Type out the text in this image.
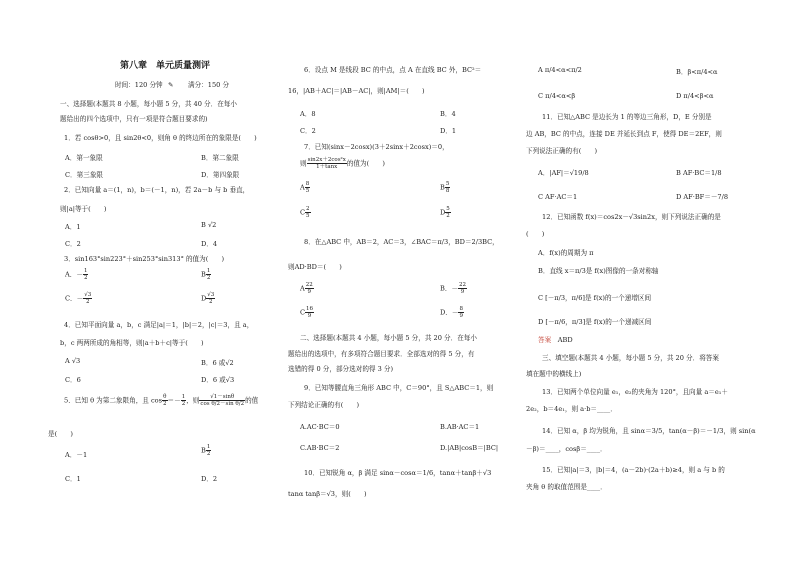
第八章　单元质量测评
时间：120 分钟 ✎ 满分：150 分
一、选择题(本题共 8 小题，每小题 5 分，共 40 分．在每小
题给出的四个选项中，只有一项是符合题目要求的)
1．若 cosθ>0，且 sin2θ<0，则角 θ 的终边所在的象限是(　　)
A．第一象限	B．第二象限
C．第三象限	D．第四象限
2．已知向量 a＝(1，n)，b＝(－1，n)，若 2a－b 与 b 垂直，
则|a|等于(　　)
A．1	B √2
C．2	D．4
3．sin163°sin223°＋sin253°sin313° 的值为(　　)
A．－ $\frac{1}{2}$	B $\frac{1}{2}$
C．－ $\frac{√3}{2}$	D $\frac{√3}{2}$
4．已知平面向量 a，b，c 满足|a|＝1，|b|＝2，|c|＝3，且 a，
b，c 两两所成的角相等，则|a＋b＋c|等于(　　)
A √3	B．6 或√2
C．6	D．6 或√3
5．已知 θ 为第二象限角，且 $\cos \frac{\theta}{2} =- \frac{1}{2}$ ，则 $\frac{√1-\sin\theta}{\text{cos θ/2－sin θ/2}}$ 的值
是(　　)
A．－1
B $\frac{1}{2}$
C．1	D．2
6．设点 M 是线段 BC 的中点，点 A 在直线 BC 外，BC²＝
16，|AB＋AC|＝|AB－AC|，则|AM|＝(　　)
A．8	B．4
C．2	D．1
7．已知(sinx－2cosx)(3＋2sinx＋2cosx)＝0，
则 $\frac{\text{sin2x＋2cos²x}}{1+\tan x}$ 的值为(　　)
A $\frac{8}{5}$	B $\frac{5}{8}$
C $\frac{2}{5}$	D $\frac{5}{2}$
8．在△ABC 中，AB＝2，AC＝3，∠BAC＝π/3，BD＝2/3BC，
则AD·BD＝(　　)
A $\frac{22}{9}$	B．－ $\frac{22}{9}$
C $\frac{16}{9}$	D．－ $\frac{8}{9}$
二、选择题(本题共 4 小题，每小题 5 分，共 20 分．在每小
题给出的选项中，有多项符合题目要求．全部选对的得 5 分，有
选错的得 0 分，部分选对的得 3 分)
9．已知等腰直角三角形 ABC 中，C＝90°，且 S△ABC＝1，则
下列结论正确的有(　　)
A.AC·BC＝0	B.AB·AC＝1
C.AB·BC＝2	D.|AB|cosB＝|BC|
10．已知锐角 α，β 满足 sinα－cosα＝1/6，tanα＋tanβ＋√3
tanα tanβ＝√3，则(　　)
A π/4<α<π/2	B．β<π/4<α
C π/4<α<β	D π/4<β<α
11．已知△ABC 是边长为 1 的等边三角形，D，E 分别是
边 AB，BC 的中点，连接 DE 并延长到点 F，使得 DE＝2EF，则
下列说法正确的有(　　)
A．|AF|＝√19/8	B AF·BC＝1/8
C AF·AC＝1	D AF·BF＝－7/8
12．已知函数 f(x)＝cos2x－√3sin2x，则下列说法正确的是
(　　)
A．f(x)的周期为 π
B．直线 x＝π/3是 f(x)图像的一条对称轴
C [－π/3，π/6]是 f(x)的一个递增区间
D [－π/6，π/3]是 f(x)的一个递减区间
答案　 ABD
三、填空题(本题共 4 小题，每小题 5 分，共 20 分．将答案
填在题中的横线上)
13．已知两个单位向量 e₁，e₂的夹角为 120°，且向量 a＝e₁＋
2e₂，b＝4e₁，则 a·b＝____．
14．已知 α，β 均为锐角，且 sinα＝3/5，tan(α－β)＝－1/3，则 sin(α
－β)＝____，cosβ＝____．
15．已知|a|＝3，|b|＝4，(a－2b)·(2a＋b)≥4，则 a 与 b 的
夹角 θ 的取值范围是____．
